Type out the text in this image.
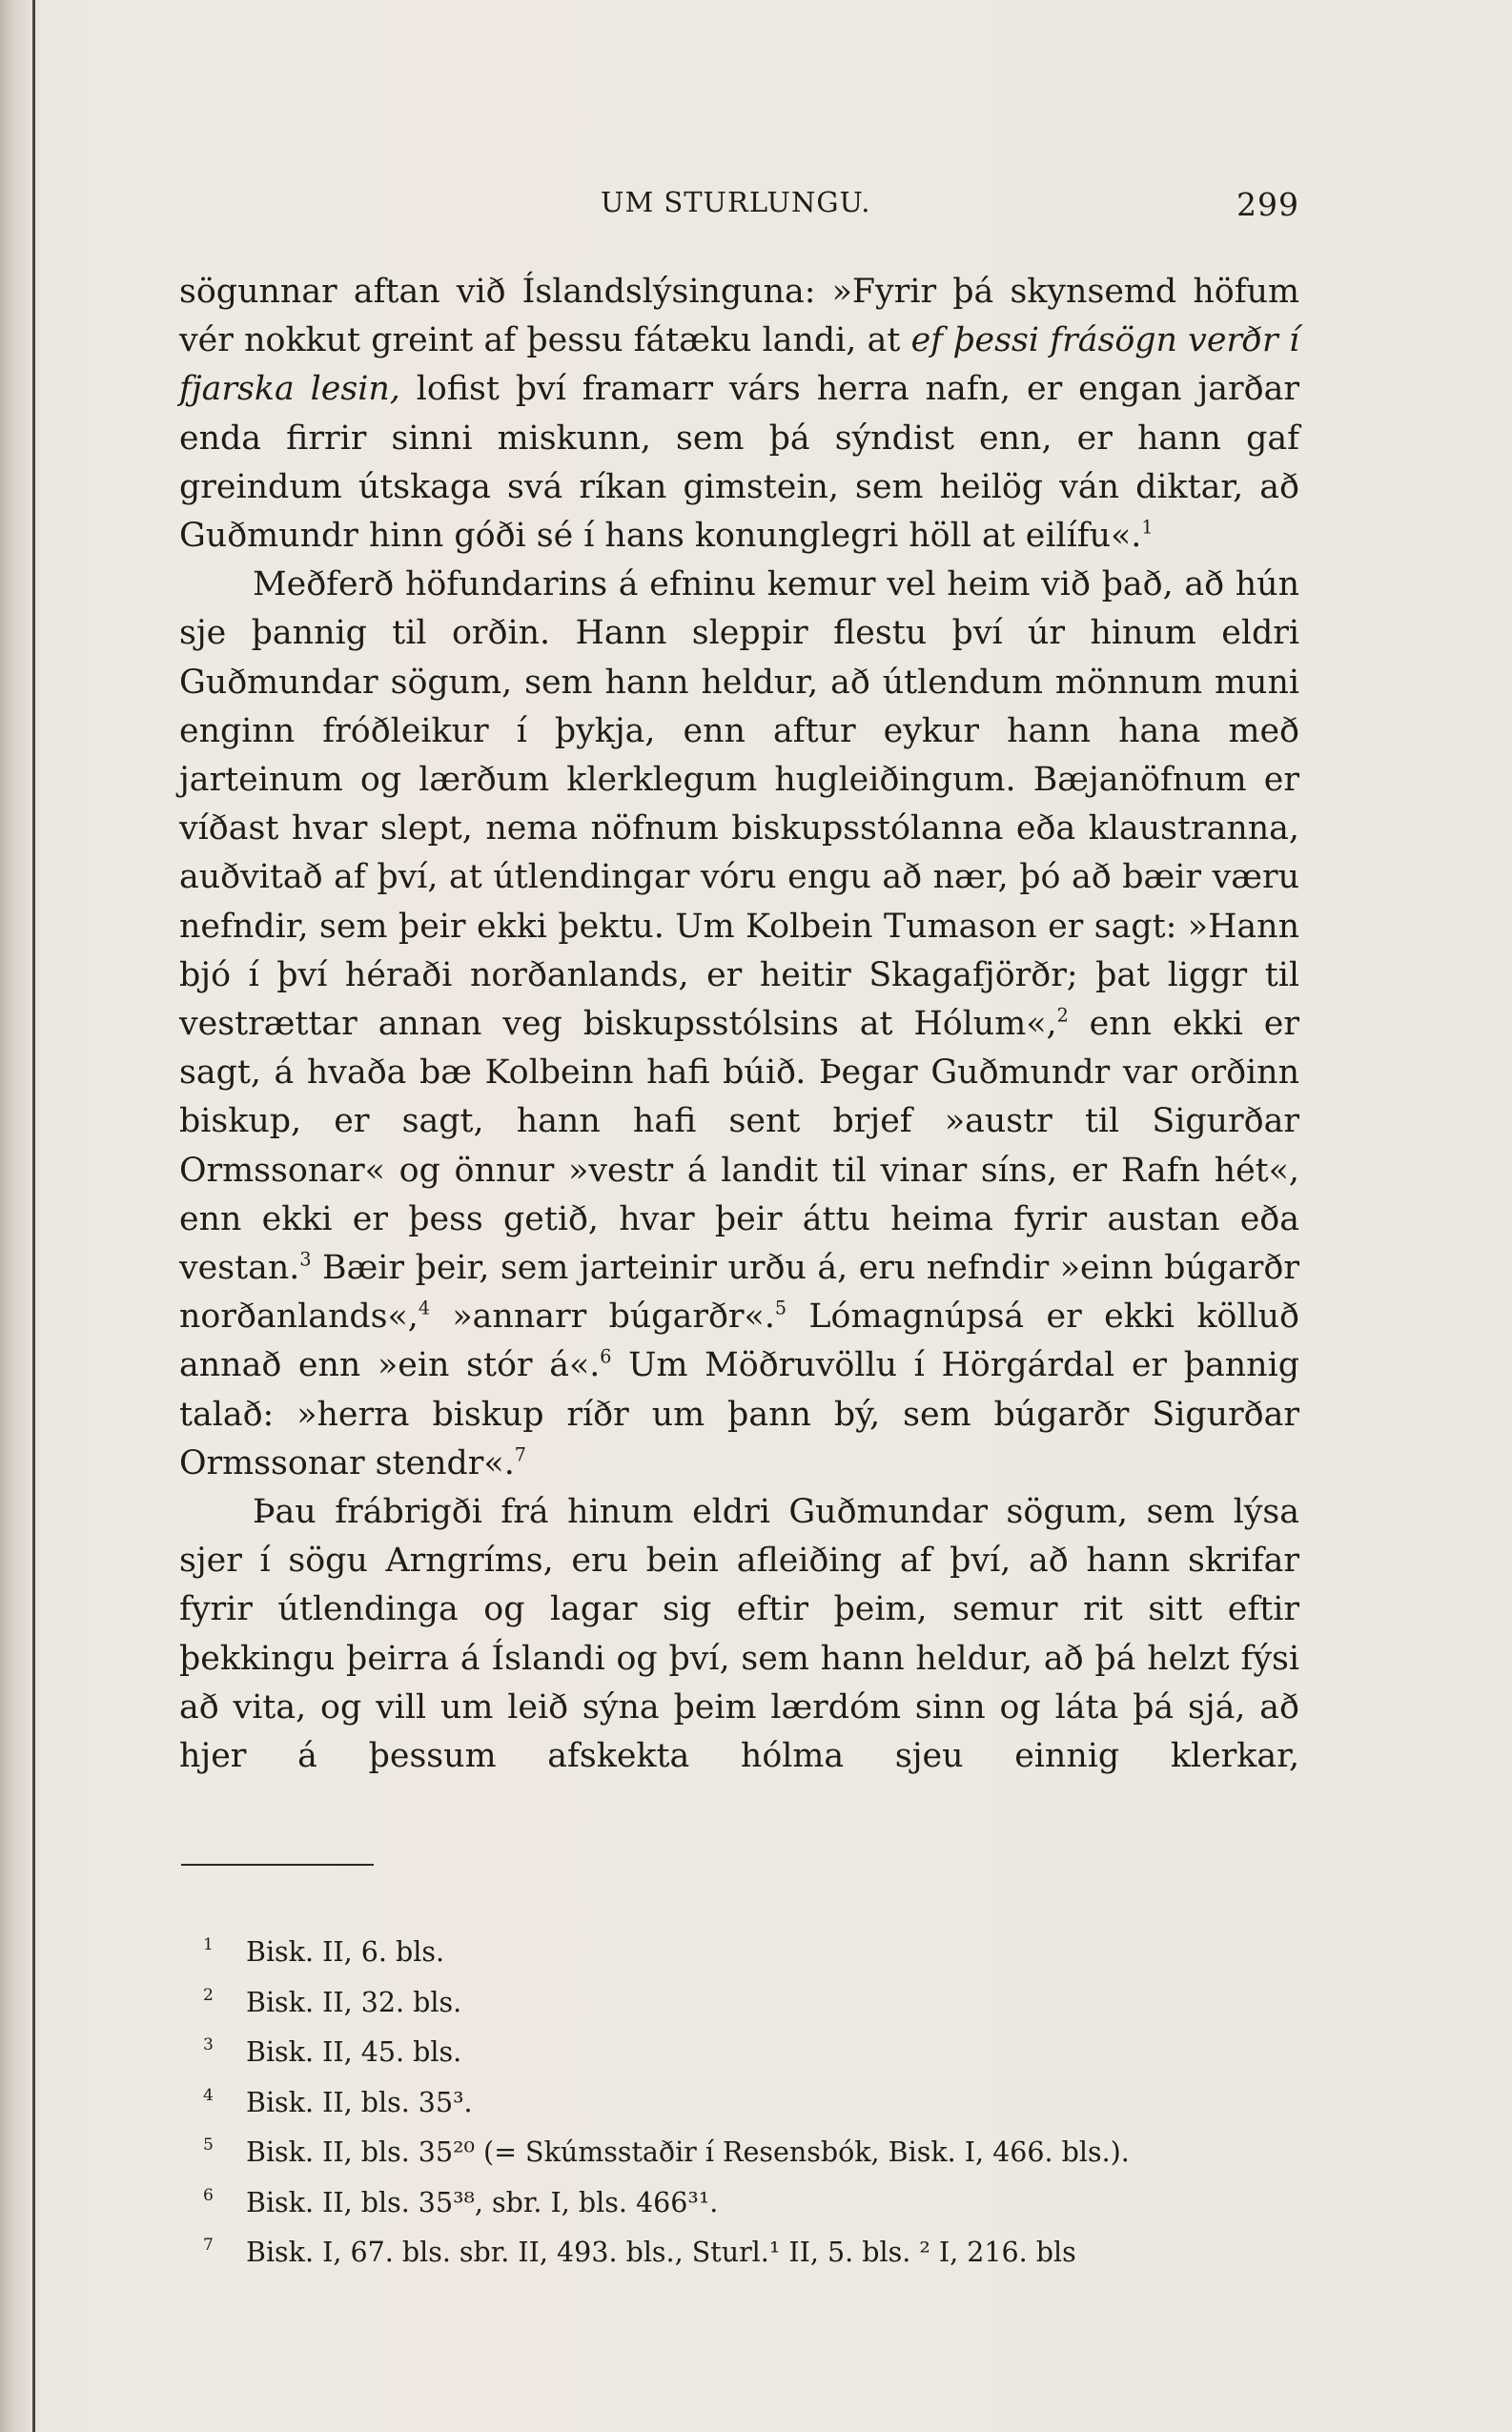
UM STURLUNGU.	299

sögunnar aftan við Íslandslýsinguna: »Fyrir þá skynsemd höfum vér nokkut greint af þessu fátæku landi, at ef þessi frásögn verðr í fjarska lesin, lofist því framarr várs herra nafn, er engan jarðar enda firrir sinni miskunn, sem þá sýndist enn, er hann gaf greindum útskaga svá ríkan gimstein, sem heilög ván diktar, að Guðmundr hinn góði sé í hans konunglegri höll at eilífu«.$^1$

Meðferð höfundarins á efninu kemur vel heim við það, að hún sje þannig til orðin. Hann sleppir flestu því úr hinum eldri Guðmundar sögum, sem hann heldur, að útlendum mönnum muni enginn fróðleikur í þykja, enn aftur eykur hann hana með jarteinum og lærðum klerklegum hugleiðingum. Bæjanöfnum er víðast hvar slept, nema nöfnum biskupsstólanna eða klaustranna, auðvitað af því, at útlendingar vóru engu að nær, þó að bæir væru nefndir, sem þeir ekki þektu. Um Kolbein Tumason er sagt: »Hann bjó í því héraði norðanlands, er heitir Skagafjörðr; þat liggr til vestrættar annan veg biskupsstólsins at Hólum«,$^2$ enn ekki er sagt, á hvaða bæ Kolbeinn hafi búið. Þegar Guðmundr var orðinn biskup, er sagt, hann hafi sent brjef »austr til Sigurðar Ormssonar« og önnur »vestr á landit til vinar síns, er Rafn hét«, enn ekki er þess getið, hvar þeir áttu heima fyrir austan eða vestan.$^3$ Bæir þeir, sem jarteinir urðu á, eru nefndir »einn búgarðr norðanlands«,$^4$ »annarr búgarðr«.$^5$ Lómagnúpsá er ekki kölluð annað enn »ein stór á«.$^6$ Um Möðruvöllu í Hörgárdal er þannig talað: »herra biskup ríðr um þann bý, sem búgarðr Sigurðar Ormssonar stendr«.$^7$

Þau frábrigði frá hinum eldri Guðmundar sögum, sem lýsa sjer í sögu Arngríms, eru bein afleiðing af því, að hann skrifar fyrir útlendinga og lagar sig eftir þeim, semur rit sitt eftir þekkingu þeirra á Íslandi og því, sem hann heldur, að þá helzt fýsi að vita, og vill um leið sýna þeim lærdóm sinn og láta þá sjá, að hjer á þessum afskekta hólma sjeu einnig klerkar,

1 Bisk. II, 6. bls.
2 Bisk. II, 32. bls.
3 Bisk. II, 45. bls.
4 Bisk. II, bls. 35³.
5 Bisk. II, bls. 35²⁰ (= Skúmsstaðir í Resensbók, Bisk. I, 466. bls.).
6 Bisk. II, bls. 35³⁸, sbr. I, bls. 466³¹.
7 Bisk. I, 67. bls. sbr. II, 493. bls., Sturl.¹ II, 5. bls. ² I, 216. bls
